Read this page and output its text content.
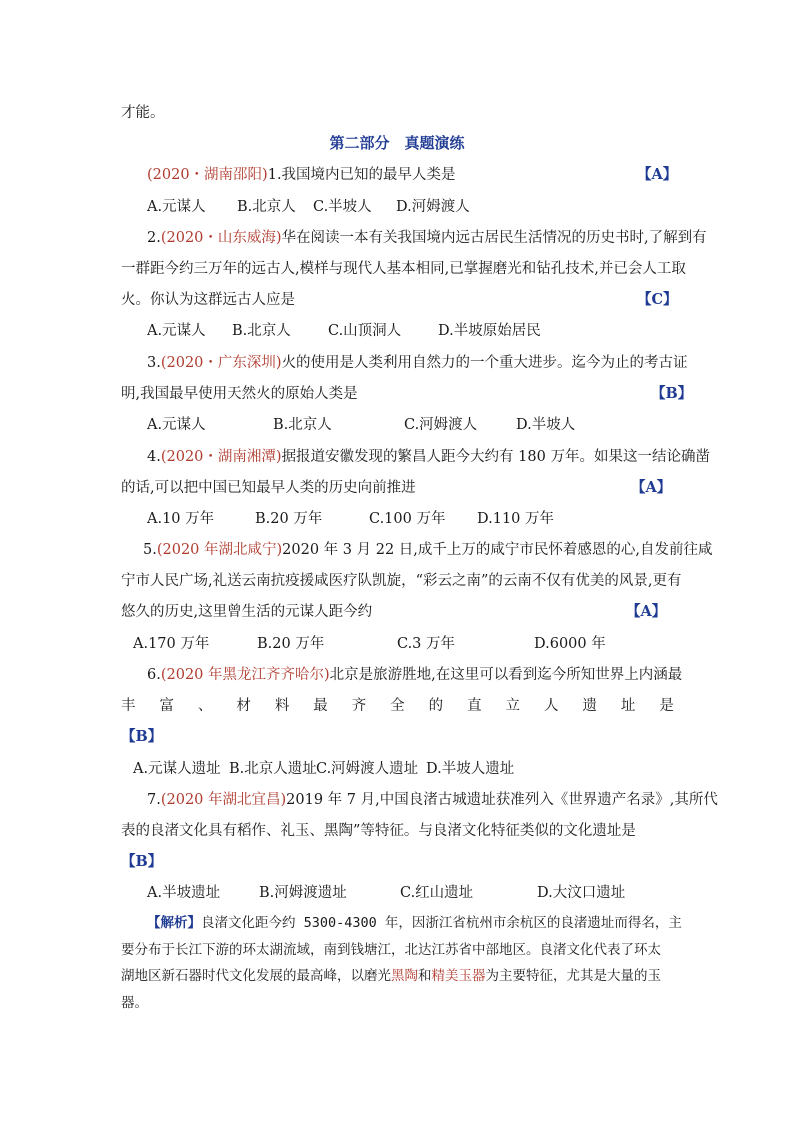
才能。
第二部分　真题演练
(2020・湖南邵阳)1.我国境内已知的最早人类是	【A】
A.元谋人 B.北京人 C.半坡人 D.河姆渡人
2.(2020・山东威海)华在阅读一本有关我国境内远古居民生活情况的历史书时,了解到有
一群距今约三万年的远古人,模样与现代人基本相同,已掌握磨光和钻孔技术,并已会人工取
火。你认为这群远古人应是	【C】
A.元谋人 B.北京人	C.山顶洞人	D.半坡原始居民
3.(2020・广东深圳)火的使用是人类利用自然力的一个重大进步。迄今为止的考古证
明,我国最早使用天然火的原始人类是	【B】
A.元谋人	B.北京人	C.河姆渡人	D.半坡人
4.(2020・湖南湘潭)据报道安徽发现的繁昌人距今大约有 180 万年。如果这一结论确凿
的话,可以把中国已知最早人类的历史向前推进	【A】
A.10 万年	B.20 万年	C.100 万年 D.110 万年
5.(2020 年湖北咸宁)2020 年 3 月 22 日,成千上万的咸宁市民怀着感恩的心,自发前往咸
宁市人民广场,礼送云南抗疫援咸医疗队凯旋，“彩云之南”的云南不仅有优美的风景,更有
悠久的历史,这里曾生活的元谋人距今约	【A】
A.170 万年	B.20 万年	C.3 万年	D.6000 年
6.(2020 年黑龙江齐齐哈尔)北京是旅游胜地,在这里可以看到迄今所知世界上内涵最
丰 富 、 材 料 最 齐 全 的 直 立 人 遗 址 是
【B】
A.元谋人遗址 B.北京人遗址 C.河姆渡人遗址 D.半坡人遗址
7.(2020 年湖北宜昌)2019 年 7 月,中国良渚古城遗址获准列入《世界遗产名录》,其所代
表的良渚文化具有稻作、礼玉、黑陶”等特征。与良渚文化特征类似的文化遗址是
【B】
A.半坡遗址	B.河姆渡遗址	C.红山遗址	D.大汶口遗址
【解析】良渚文化距今约 5300-4300 年，因浙江省杭州市余杭区的良渚遗址而得名，主
要分布于长江下游的环太湖流域，南到钱塘江，北达江苏省中部地区。良渚文化代表了环太
湖地区新石器时代文化发展的最高峰，以磨光黑陶和精美玉器为主要特征，尤其是大量的玉
器。
